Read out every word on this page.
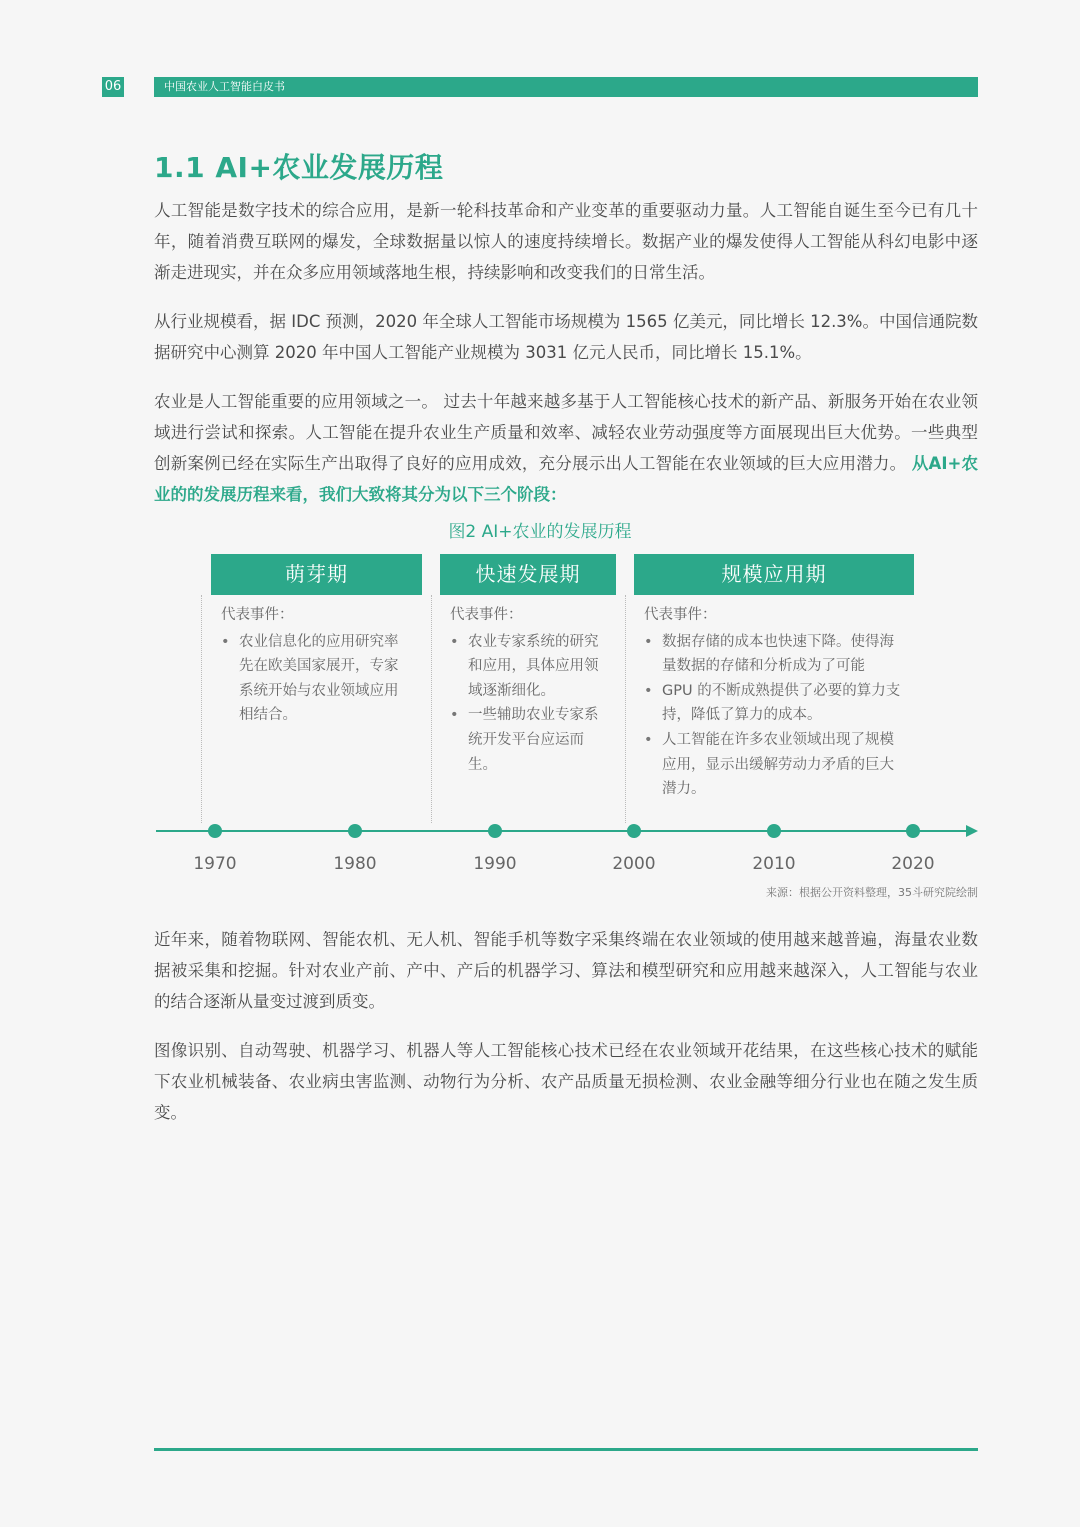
06	中国农业人工智能白皮书
1.1 AI+农业发展历程

人工智能是数字技术的综合应用，是新一轮科技革命和产业变革的重要驱动力量。人工智能自诞生至今已有几十年，随着消费互联网的爆发，全球数据量以惊人的速度持续增长。数据产业的爆发使得人工智能从科幻电影中逐渐走进现实，并在众多应用领域落地生根，持续影响和改变我们的日常生活。

从行业规模看，据 IDC 预测，2020 年全球人工智能市场规模为 1565 亿美元，同比增长 12.3%。中国信通院数据研究中心测算 2020 年中国人工智能产业规模为 3031 亿元人民币，同比增长 15.1%。

农业是人工智能重要的应用领域之一。 过去十年越来越多基于人工智能核心技术的新产品、新服务开始在农业领域进行尝试和探索。人工智能在提升农业生产质量和效率、减轻农业劳动强度等方面展现出巨大优势。一些典型创新案例已经在实际生产出取得了良好的应用成效，充分展示出人工智能在农业领域的巨大应用潜力。 从AI+农业的的发展历程来看，我们大致将其分为以下三个阶段：

图2 AI+农业的发展历程
萌芽期
代表事件：
• 农业信息化的应用研究率先在欧美国家展开，专家系统开始与农业领域应用相结合。
快速发展期
代表事件：
• 农业专家系统的研究和应用，具体应用领域逐渐细化。
• 一些辅助农业专家系统开发平台应运而生。
规模应用期
代表事件：
• 数据存储的成本也快速下降。使得海量数据的存储和分析成为了可能
• GPU 的不断成熟提供了必要的算力支持，降低了算力的成本。
• 人工智能在许多农业领域出现了规模应用，显示出缓解劳动力矛盾的巨大潜力。
1970	1980	1990	2000	2010	2020
来源：根据公开资料整理，35斗研究院绘制

近年来，随着物联网、智能农机、无人机、智能手机等数字采集终端在农业领域的使用越来越普遍，海量农业数据被采集和挖掘。针对农业产前、产中、产后的机器学习、算法和模型研究和应用越来越深入，人工智能与农业的结合逐渐从量变过渡到质变。

图像识别、自动驾驶、机器学习、机器人等人工智能核心技术已经在农业领域开花结果，在这些核心技术的赋能下农业机械装备、农业病虫害监测、动物行为分析、农产品质量无损检测、农业金融等细分行业也在随之发生质变。
